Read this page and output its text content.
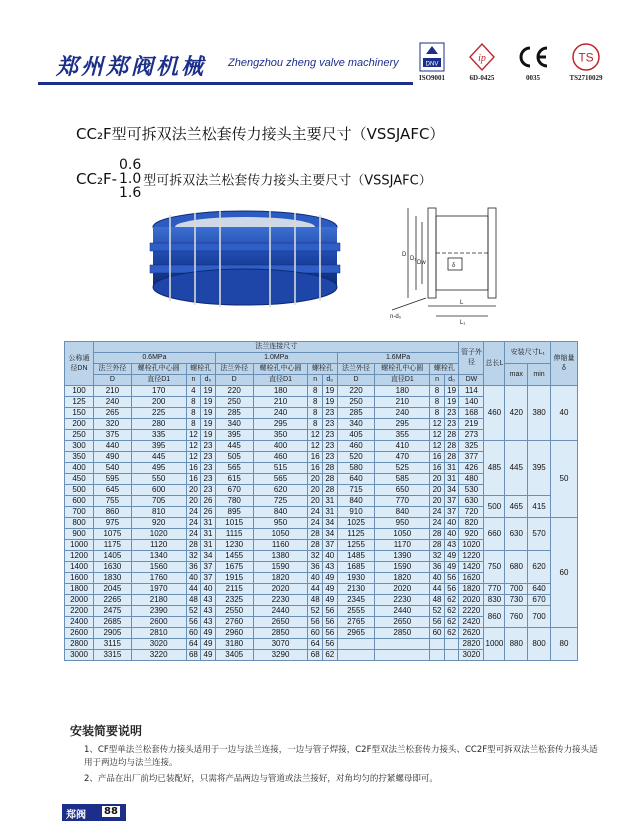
郑州郑阀机械 Zhengzhou zheng valve machinery	DNV
ISO9001
ip
6D-0425	0035
TS
TS2710029
CC₂F型可拆双法兰松套传力接头主要尺寸（VSSJAFC）
CC₂F-0.6
1.0
1.6型可拆双法兰松套传力接头主要尺寸（VSSJAFC）
D
D₁
Dw
n-d₀
L
L₁
δ
公称通径DN	法兰连接尺寸												管子外径	总长L	安装尺寸L₁		伸缩量δ
	0.6MPa				1.0MPa				1.6MPa								
	法兰外径	螺栓孔中心圆	螺栓孔		法兰外径	螺栓孔中心圆	螺栓孔		法兰外径	螺栓孔中心圆	螺栓孔				max	min	
	D	直径D1	n	d₀	D	直径D1	n	d₀	D	直径D1	n	d₀	DW				
100	210	170	4	19	220	180	8	19	220	180	8	19	114	460	420	380	40
125	240	200	8	19	250	210	8	19	250	210	8	19	140				
150	265	225	8	19	285	240	8	23	285	240	8	23	168				
200	320	280	8	19	340	295	8	23	340	295	12	23	219				
250	375	335	12	19	395	350	12	23	405	355	12	28	273				
300	440	395	12	23	445	400	12	23	460	410	12	28	325	485	445	395	50
350	490	445	12	23	505	460	16	23	520	470	16	28	377				
400	540	495	16	23	565	515	16	28	580	525	16	31	426				
450	595	550	16	23	615	565	20	28	640	585	20	31	480				
500	645	600	20	23	670	620	20	28	715	650	20	34	530				
600	755	705	20	26	780	725	20	31	840	770	20	37	630	500	465	415	
700	860	810	24	26	895	840	24	31	910	840	24	37	720				
800	975	920	24	31	1015	950	24	34	1025	950	24	40	820	660	630	570	60
900	1075	1020	24	31	1115	1050	28	34	1125	1050	28	40	920				
1000	1175	1120	28	31	1230	1160	28	37	1255	1170	28	43	1020				
1200	1405	1340	32	34	1455	1380	32	40	1485	1390	32	49	1220	750	680	620	
1400	1630	1560	36	37	1675	1590	36	43	1685	1590	36	49	1420				
1600	1830	1760	40	37	1915	1820	40	49	1930	1820	40	56	1620				
1800	2045	1970	44	40	2115	2020	44	49	2130	2020	44	56	1820	770	700	640	
2000	2265	2180	48	43	2325	2230	48	49	2345	2230	48	62	2020	830	730	670	
2200	2475	2390	52	43	2550	2440	52	56	2555	2440	52	62	2220	860	760	700	
2400	2685	2600	56	43	2760	2650	56	56	2765	2650	56	62	2420				
2600	2905	2810	60	49	2960	2850	60	56	2965	2850	60	62	2620	1000	880	800	80
2800	3115	3020	64	49	3180	3070	64	56					2820				
3000	3315	3220	68	49	3405	3290	68	62					3020				
安装简要说明
1、CF型单法兰松套传力接头适用于一边与法兰连接，一边与管子焊接，C2F型双法兰松套传力接头、CC2F型可拆双法兰松套传力接头适用于两边均与法兰连接。
2、产品在出厂前均已装配好，只需将产品两边与管道或法兰接好，对角均匀的拧紧螺母即可。
郑阀 88
